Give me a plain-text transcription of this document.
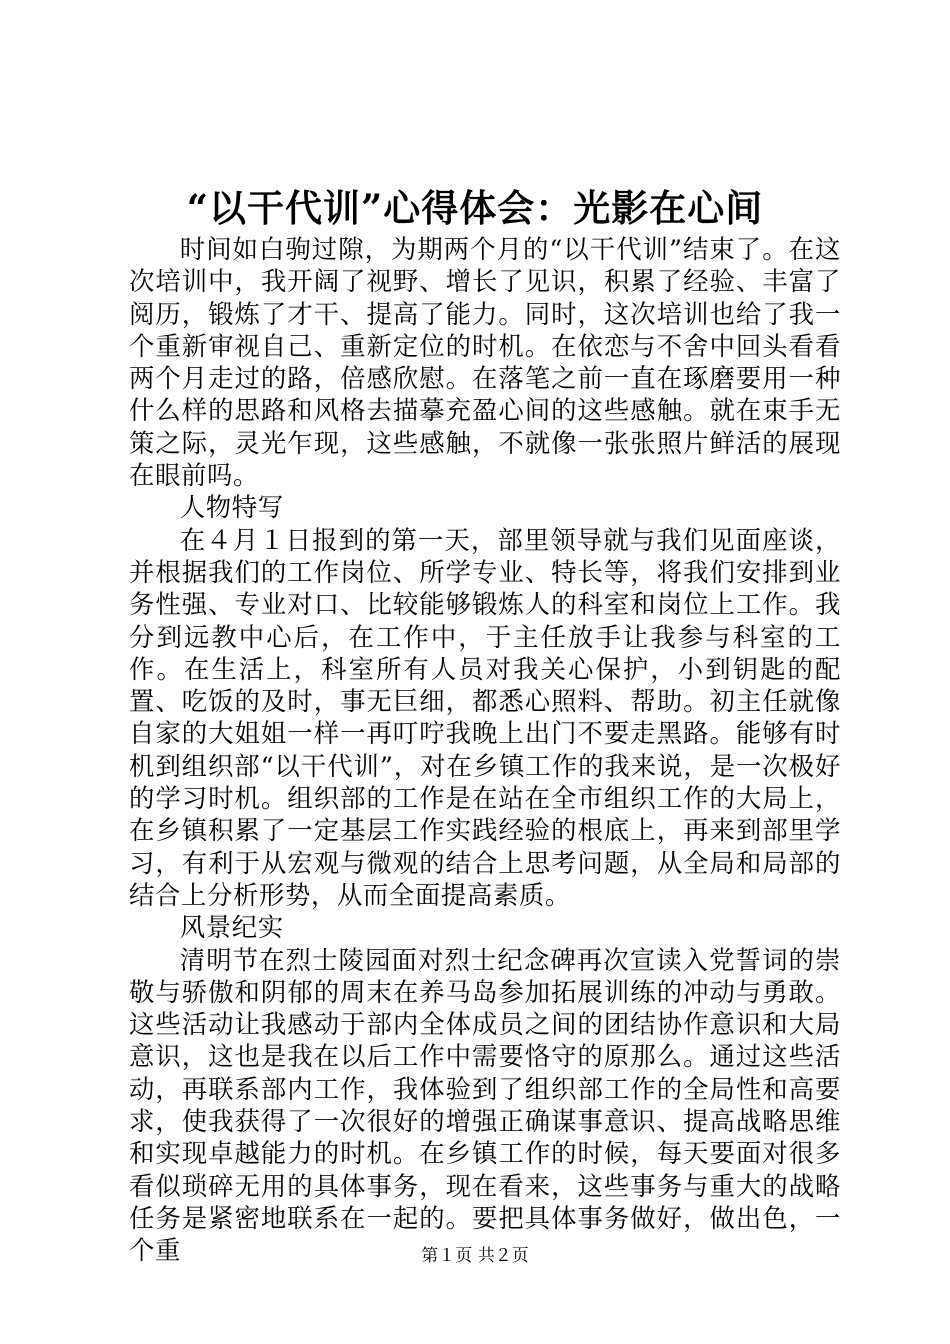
“以干代训”心得体会：光影在心间

时间如白驹过隙，为期两个月的“以干代训”结束了。在这次培训中，我开阔了视野、增长了见识，积累了经验、丰富了阅历，锻炼了才干、提高了能力。同时，这次培训也给了我一个重新审视自己、重新定位的时机。在依恋与不舍中回头看看两个月走过的路，倍感欣慰。在落笔之前一直在琢磨要用一种什么样的思路和风格去描摹充盈心间的这些感触。就在束手无策之际，灵光乍现，这些感触，不就像一张张照片鲜活的展现在眼前吗。

人物特写

在４月１日报到的第一天，部里领导就与我们见面座谈，并根据我们的工作岗位、所学专业、特长等，将我们安排到业务性强、专业对口、比较能够锻炼人的科室和岗位上工作。我分到远教中心后，在工作中，于主任放手让我参与科室的工作。在生活上，科室所有人员对我关心保护，小到钥匙的配置、吃饭的及时，事无巨细，都悉心照料、帮助。初主任就像自家的大姐姐一样一再叮咛我晚上出门不要走黑路。能够有时机到组织部“以干代训”，对在乡镇工作的我来说，是一次极好的学习时机。组织部的工作是在站在全市组织工作的大局上，在乡镇积累了一定基层工作实践经验的根底上，再来到部里学习，有利于从宏观与微观的结合上思考问题，从全局和局部的结合上分析形势，从而全面提高素质。

风景纪实

清明节在烈士陵园面对烈士纪念碑再次宣读入党誓词的崇敬与骄傲和阴郁的周末在养马岛参加拓展训练的冲动与勇敢。这些活动让我感动于部内全体成员之间的团结协作意识和大局意识，这也是我在以后工作中需要恪守的原那么。通过这些活动，再联系部内工作，我体验到了组织部工作的全局性和高要求，使我获得了一次很好的增强正确谋事意识、提高战略思维和实现卓越能力的时机。在乡镇工作的时候，每天要面对很多看似琐碎无用的具体事务，现在看来，这些事务与重大的战略任务是紧密地联系在一起的。要把具体事务做好，做出色，一个重	第１页 共２页
